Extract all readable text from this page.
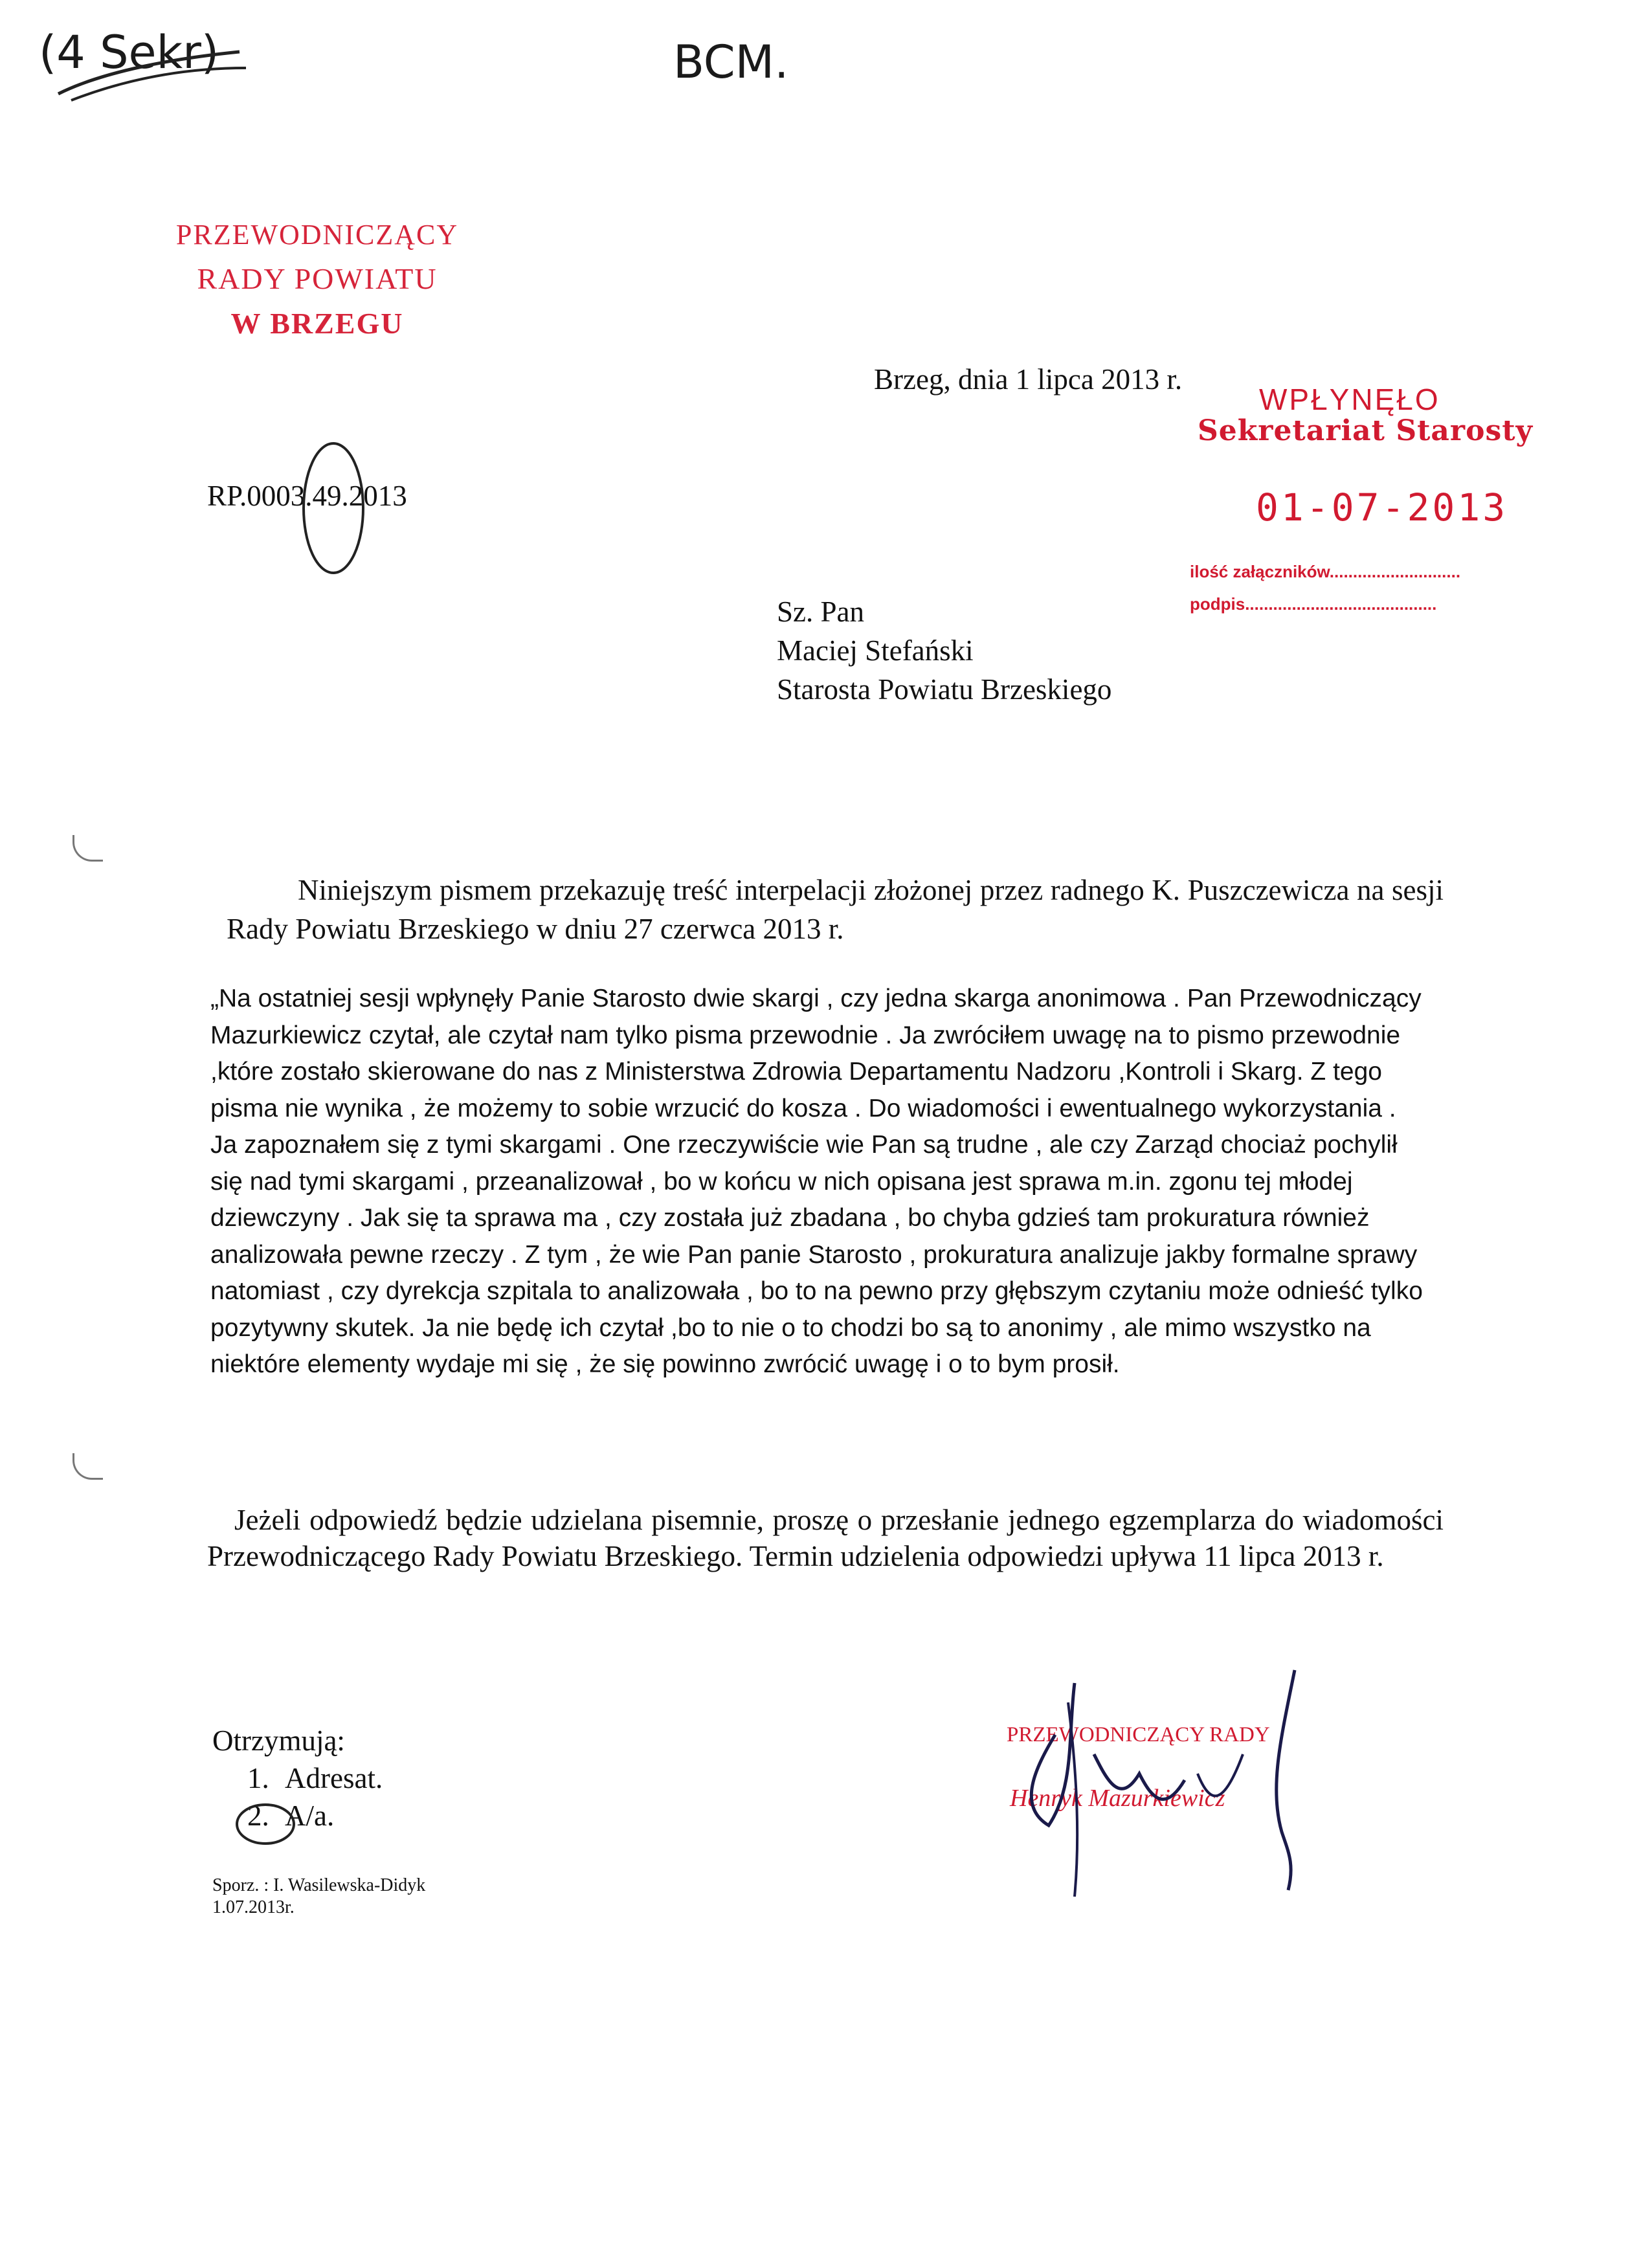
(4 Sekr)	BCM.
PRZEWODNICZĄCY
RADY POWIATU
W BRZEGU
Brzeg, dnia 1 lipca 2013 r.
RP.0003.49.2013
WPŁYNĘŁO
Sekretariat Starosty
01-07-2013
ilość załączników............................
podpis.........................................
Sz. Pan
Maciej Stefański
Starosta Powiatu Brzeskiego
Niniejszym pismem przekazuję treść interpelacji złożonej przez radnego K. Puszczewicza na sesji Rady Powiatu Brzeskiego w dniu 27 czerwca 2013 r.
„Na ostatniej sesji wpłynęły Panie Starosto dwie skargi , czy jedna skarga anonimowa . Pan Przewodniczący Mazurkiewicz czytał, ale czytał nam tylko pisma przewodnie . Ja zwróciłem uwagę na to pismo przewodnie ,które zostało skierowane do nas z Ministerstwa Zdrowia Departamentu Nadzoru ,Kontroli i Skarg. Z tego pisma nie wynika , że możemy to sobie wrzucić do kosza . Do wiadomości i ewentualnego wykorzystania . Ja zapoznałem się z tymi skargami . One rzeczywiście wie Pan są trudne , ale czy Zarząd chociaż pochylił się nad tymi skargami , przeanalizował , bo w końcu w nich opisana jest sprawa m.in. zgonu tej młodej dziewczyny . Jak się ta sprawa ma , czy została już zbadana , bo chyba gdzieś tam prokuratura również analizowała pewne rzeczy . Z tym , że wie Pan panie Starosto , prokuratura analizuje jakby formalne sprawy natomiast , czy dyrekcja szpitala to analizowała , bo to na pewno przy głębszym czytaniu może odnieść tylko pozytywny skutek. Ja nie będę ich czytał ,bo to nie o to chodzi bo są to anonimy , ale mimo wszystko na niektóre elementy wydaje mi się , że się powinno zwrócić uwagę i o to bym prosił.
Jeżeli odpowiedź będzie udzielana pisemnie, proszę o przesłanie jednego egzemplarza do wiadomości Przewodniczącego Rady Powiatu Brzeskiego. Termin udzielenia odpowiedzi upływa 11 lipca 2013 r.
Otrzymują:
1. Adresat.
2. A/a.
Sporz. : I. Wasilewska-Didyk
1.07.2013r.
PRZEWODNICZĄCY RADY
Henryk Mazurkiewicz
